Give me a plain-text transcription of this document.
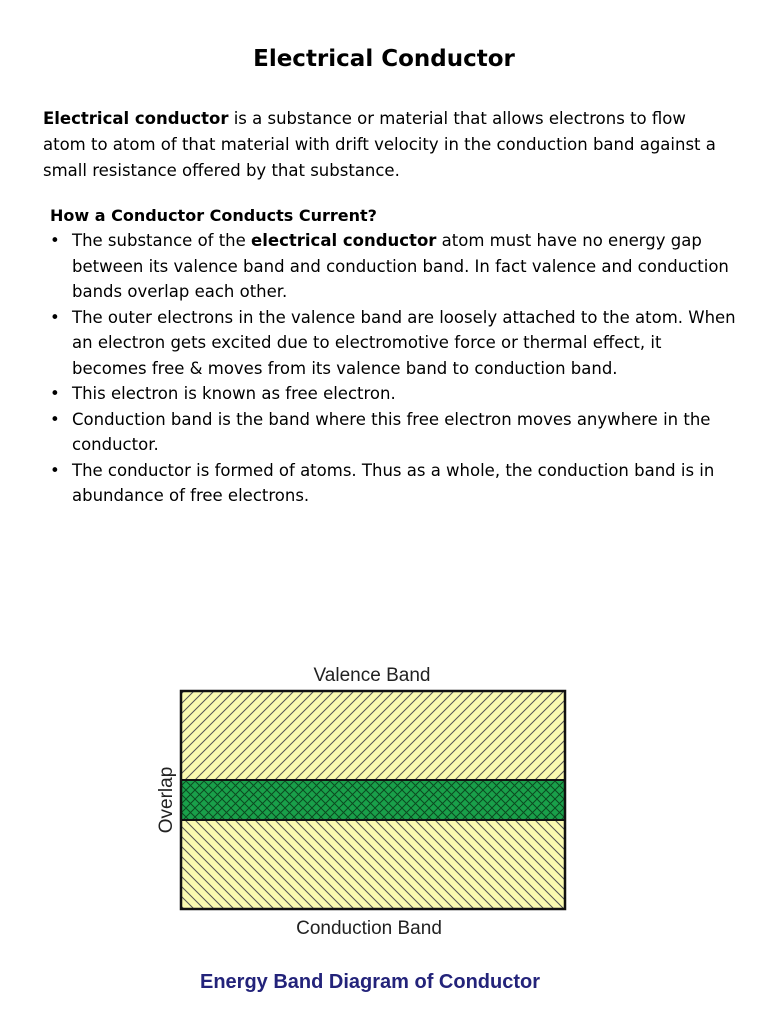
Electrical Conductor

Electrical conductor is a substance or material that allows electrons to flow atom to atom of that material with drift velocity in the conduction band against a small resistance offered by that substance.

How a Conductor Conducts Current?
• The substance of the electrical conductor atom must have no energy gap between its valence band and conduction band. In fact valence and conduction bands overlap each other.
• The outer electrons in the valence band are loosely attached to the atom. When an electron gets excited due to electromotive force or thermal effect, it becomes free & moves from its valence band to conduction band.
• This electron is known as free electron.
• Conduction band is the band where this free electron moves anywhere in the conductor.
• The conductor is formed of atoms. Thus as a whole, the conduction band is in abundance of free electrons.
Valence Band
Overlap
Conduction Band
Energy Band Diagram of Conductor
